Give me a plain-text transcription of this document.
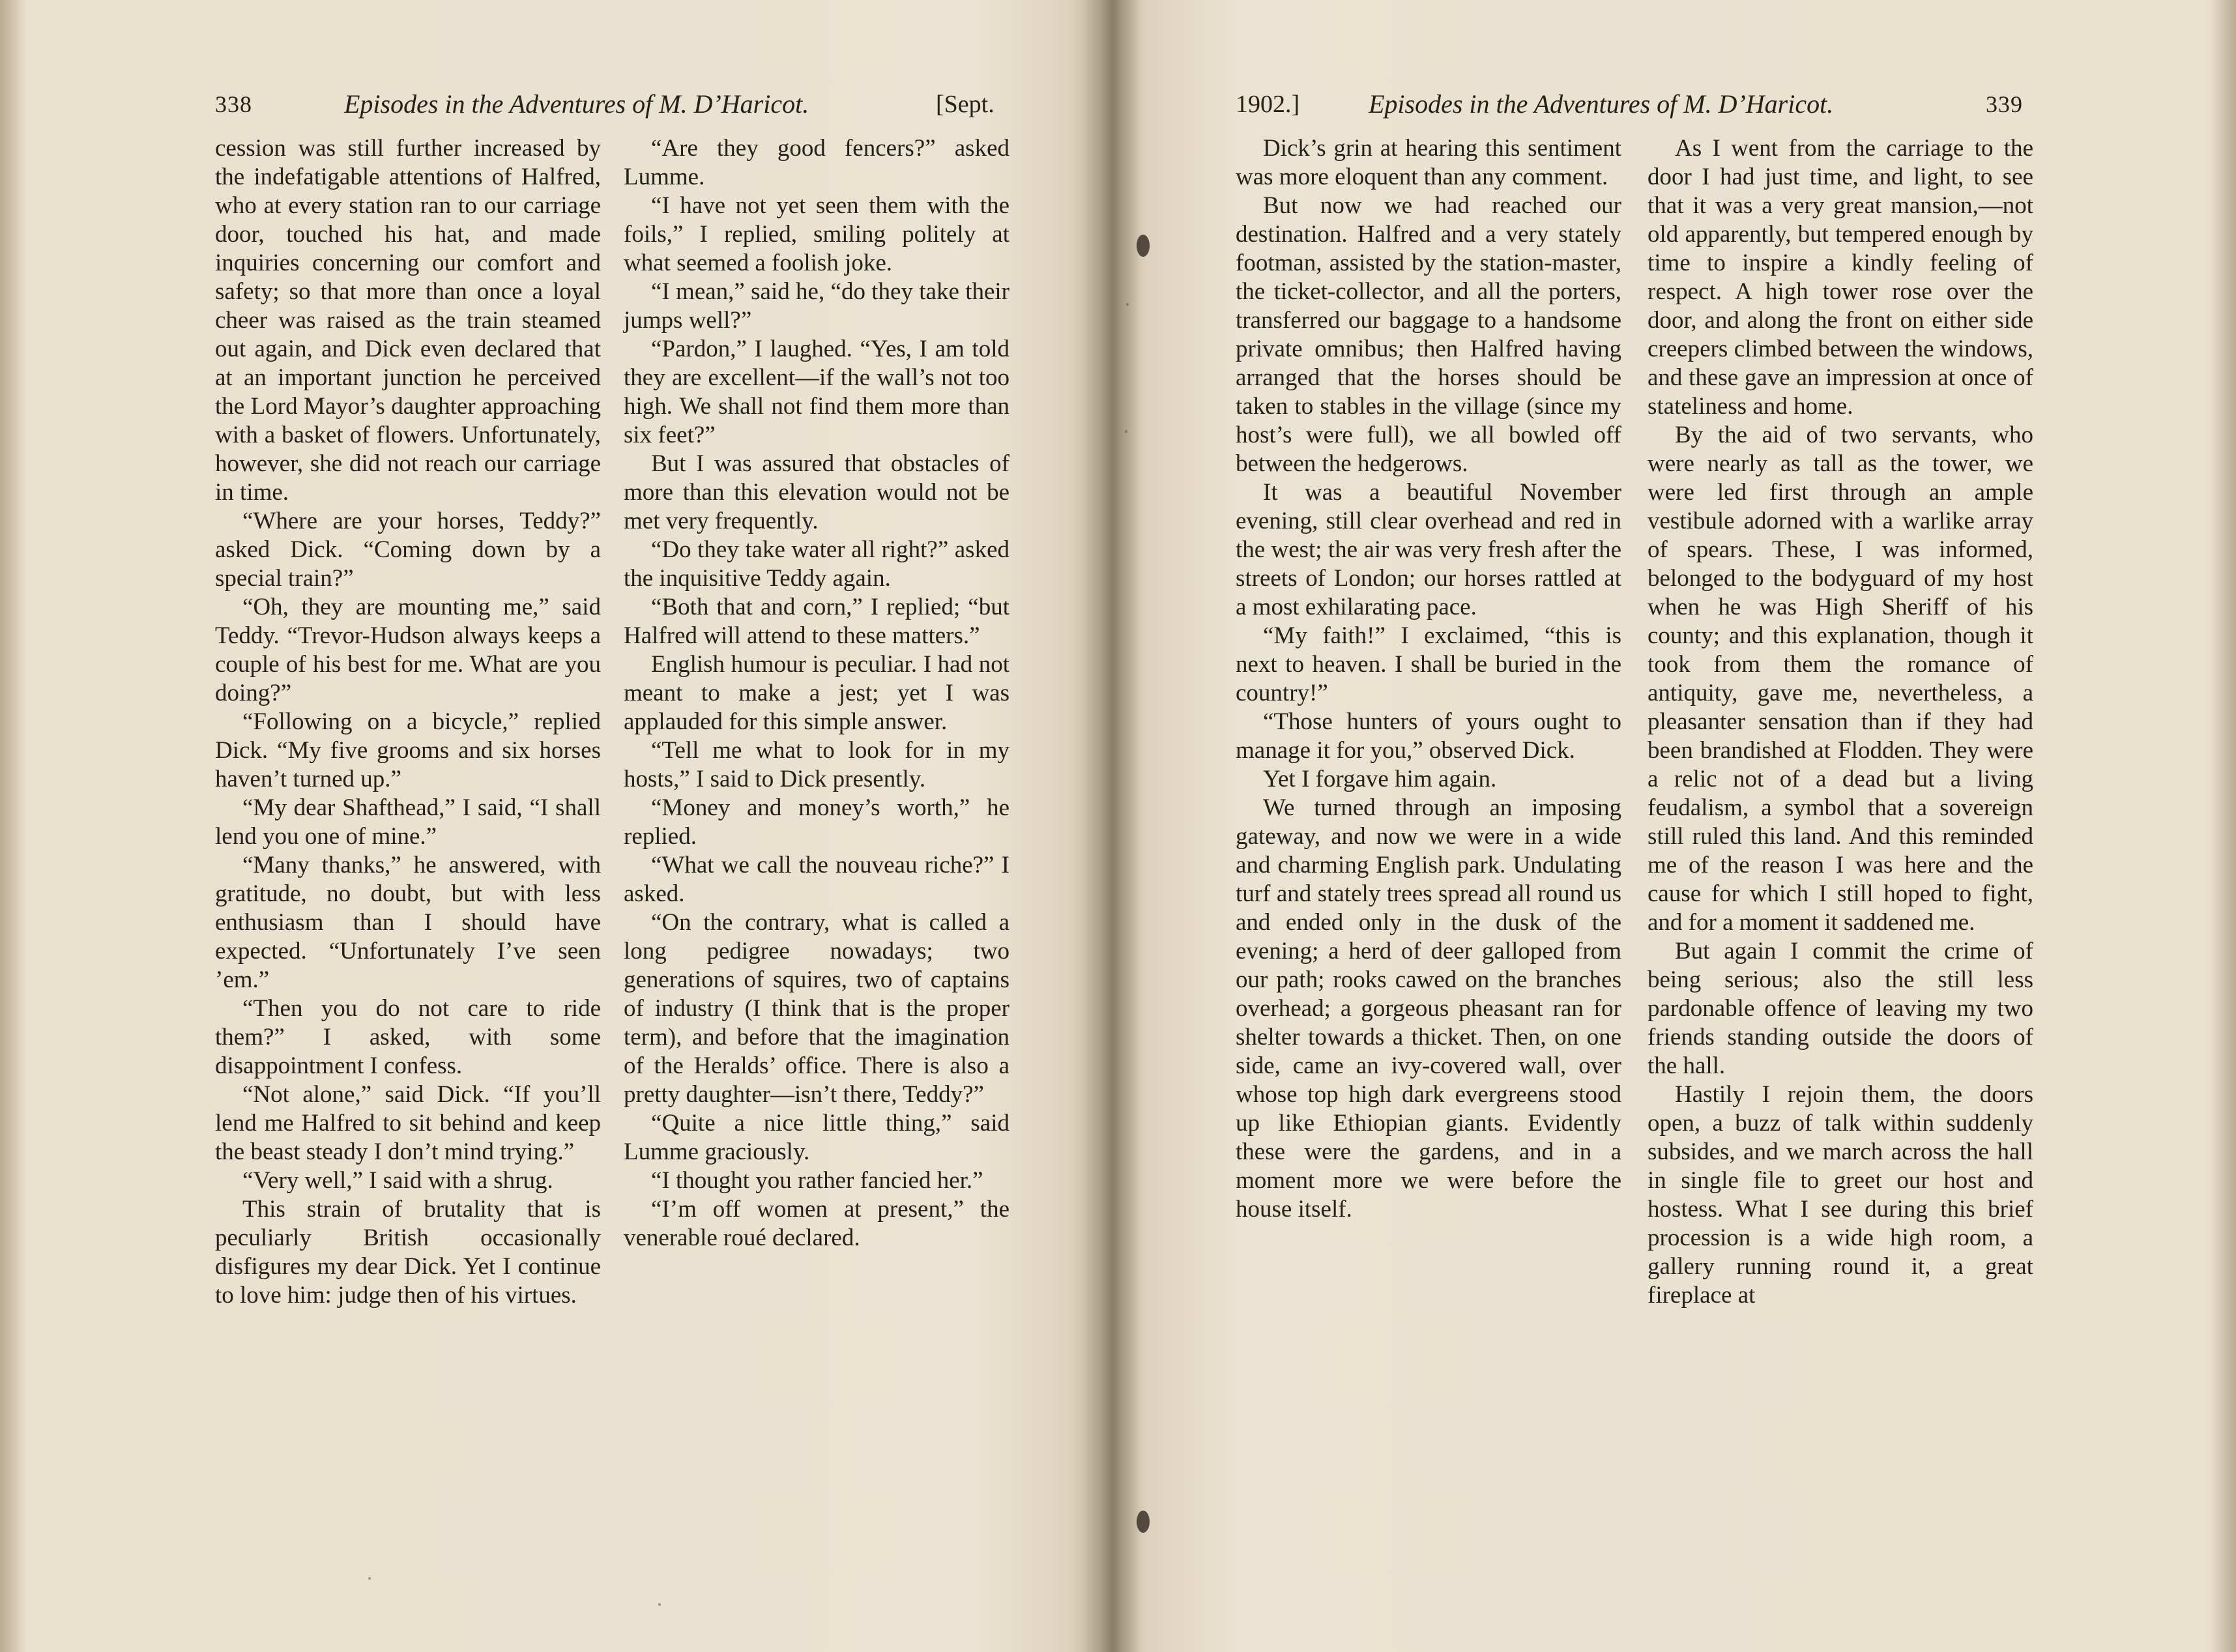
338	Episodes in the Adventures of M. D’Haricot.	[Sept.

cession was still further increased by the indefatigable attentions of Halfred, who at every station ran to our carriage door, touched his hat, and made inquiries concerning our comfort and safety; so that more than once a loyal cheer was raised as the train steamed out again, and Dick even declared that at an important junction he perceived the Lord Mayor’s daughter approaching with a basket of flowers. Unfortunately, however, she did not reach our carriage in time.

“Where are your horses, Teddy?” asked Dick. “Coming down by a special train?”

“Oh, they are mounting me,” said Teddy. “Trevor-Hudson always keeps a couple of his best for me. What are you doing?”

“Following on a bicycle,” replied Dick. “My five grooms and six horses haven’t turned up.”

“My dear Shafthead,” I said, “I shall lend you one of mine.”

“Many thanks,” he answered, with gratitude, no doubt, but with less enthusiasm than I should have expected. “Unfortunately I’ve seen ’em.”

“Then you do not care to ride them?” I asked, with some disappointment I confess.

“Not alone,” said Dick. “If you’ll lend me Halfred to sit behind and keep the beast steady I don’t mind trying.”

“Very well,” I said with a shrug.

This strain of brutality that is peculiarly British occasionally disfigures my dear Dick. Yet I continue to love him: judge then of his virtues.

“Are they good fencers?” asked Lumme.

“I have not yet seen them with the foils,” I replied, smiling politely at what seemed a foolish joke.

“I mean,” said he, “do they take their jumps well?”

“Pardon,” I laughed. “Yes, I am told they are excellent—if the wall’s not too high. We shall not find them more than six feet?”

But I was assured that obstacles of more than this elevation would not be met very frequently.

“Do they take water all right?” asked the inquisitive Teddy again.

“Both that and corn,” I replied; “but Halfred will attend to these matters.”

English humour is peculiar. I had not meant to make a jest; yet I was applauded for this simple answer.

“Tell me what to look for in my hosts,” I said to Dick presently.

“Money and money’s worth,” he replied.

“What we call the nouveau riche?” I asked.

“On the contrary, what is called a long pedigree nowadays; two generations of squires, two of captains of industry (I think that is the proper term), and before that the imagination of the Heralds’ office. There is also a pretty daughter—isn’t there, Teddy?”

“Quite a nice little thing,” said Lumme graciously.

“I thought you rather fancied her.”

“I’m off women at present,” the venerable roué declared.

1902.]	Episodes in the Adventures of M. D’Haricot.	339

Dick’s grin at hearing this sentiment was more eloquent than any comment.

But now we had reached our destination. Halfred and a very stately footman, assisted by the station-master, the ticket-collector, and all the porters, transferred our baggage to a handsome private omnibus; then Halfred having arranged that the horses should be taken to stables in the village (since my host’s were full), we all bowled off between the hedgerows.

It was a beautiful November evening, still clear overhead and red in the west; the air was very fresh after the streets of London; our horses rattled at a most exhilarating pace.

“My faith!” I exclaimed, “this is next to heaven. I shall be buried in the country!”

“Those hunters of yours ought to manage it for you,” observed Dick.

Yet I forgave him again.

We turned through an imposing gateway, and now we were in a wide and charming English park. Undulating turf and stately trees spread all round us and ended only in the dusk of the evening; a herd of deer galloped from our path; rooks cawed on the branches overhead; a gorgeous pheasant ran for shelter towards a thicket. Then, on one side, came an ivy-covered wall, over whose top high dark evergreens stood up like Ethiopian giants. Evidently these were the gardens, and in a moment more we were before the house itself.

As I went from the carriage to the door I had just time, and light, to see that it was a very great mansion,—not old apparently, but tempered enough by time to inspire a kindly feeling of respect. A high tower rose over the door, and along the front on either side creepers climbed between the windows, and these gave an impression at once of stateliness and home.

By the aid of two servants, who were nearly as tall as the tower, we were led first through an ample vestibule adorned with a warlike array of spears. These, I was informed, belonged to the bodyguard of my host when he was High Sheriff of his county; and this explanation, though it took from them the romance of antiquity, gave me, nevertheless, a pleasanter sensation than if they had been brandished at Flodden. They were a relic not of a dead but a living feudalism, a symbol that a sovereign still ruled this land. And this reminded me of the reason I was here and the cause for which I still hoped to fight, and for a moment it saddened me.

But again I commit the crime of being serious; also the still less pardonable offence of leaving my two friends standing outside the doors of the hall.

Hastily I rejoin them, the doors open, a buzz of talk within suddenly subsides, and we march across the hall in single file to greet our host and hostess. What I see during this brief procession is a wide high room, a gallery running round it, a great fireplace at
